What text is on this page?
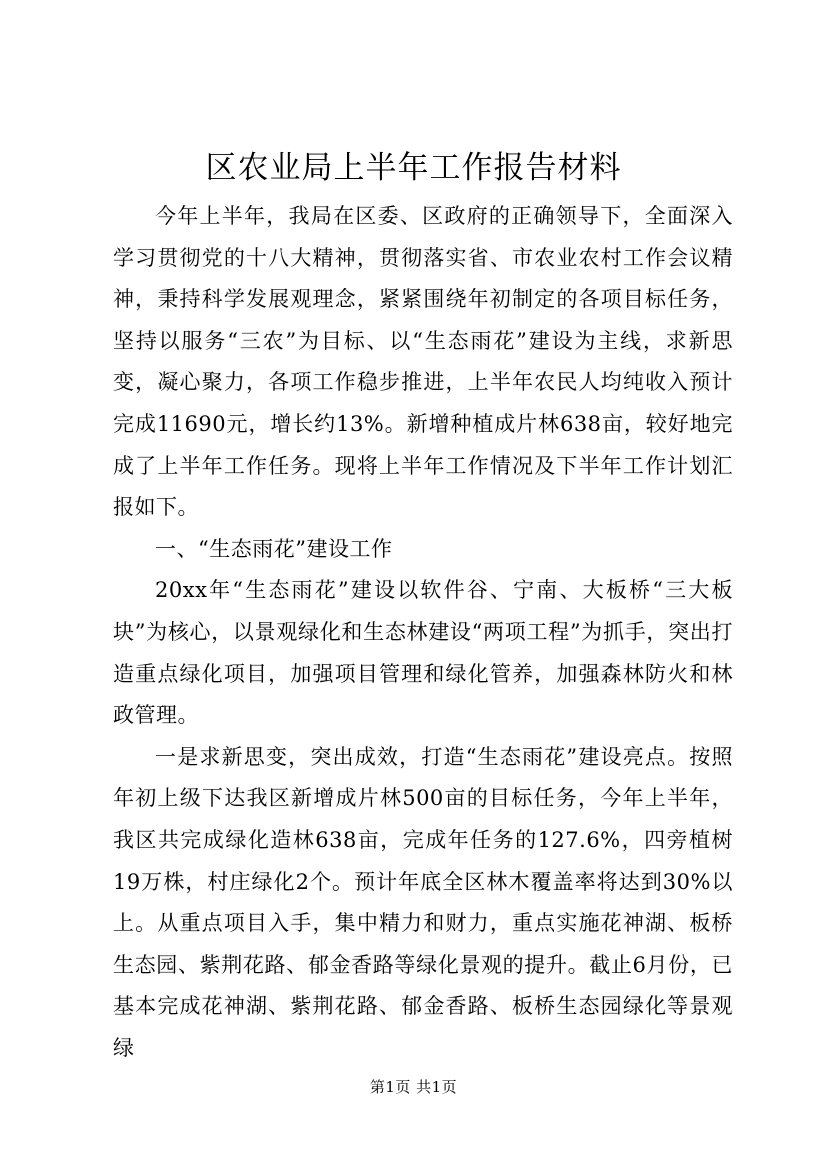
区农业局上半年工作报告材料

今年上半年，我局在区委、区政府的正确领导下，全面深入学习贯彻党的十八大精神，贯彻落实省、市农业农村工作会议精神，秉持科学发展观理念，紧紧围绕年初制定的各项目标任务，坚持以服务“三农”为目标、以“生态雨花”建设为主线，求新思变，凝心聚力，各项工作稳步推进，上半年农民人均纯收入预计完成11690元，增长约13%。新增种植成片林638亩，较好地完成了上半年工作任务。现将上半年工作情况及下半年工作计划汇报如下。

一、“生态雨花”建设工作

20xx年“生态雨花”建设以软件谷、宁南、大板桥“三大板块”为核心，以景观绿化和生态林建设“两项工程”为抓手，突出打造重点绿化项目，加强项目管理和绿化管养，加强森林防火和林政管理。

一是求新思变，突出成效，打造“生态雨花”建设亮点。按照年初上级下达我区新增成片林500亩的目标任务，今年上半年，我区共完成绿化造林638亩，完成年任务的127.6%，四旁植树19万株，村庄绿化2个。预计年底全区林木覆盖率将达到30%以上。从重点项目入手，集中精力和财力，重点实施花神湖、板桥生态园、紫荆花路、郁金香路等绿化景观的提升。截止6月份，已基本完成花神湖、紫荆花路、郁金香路、板桥生态园绿化等景观绿

第1页 共1页
